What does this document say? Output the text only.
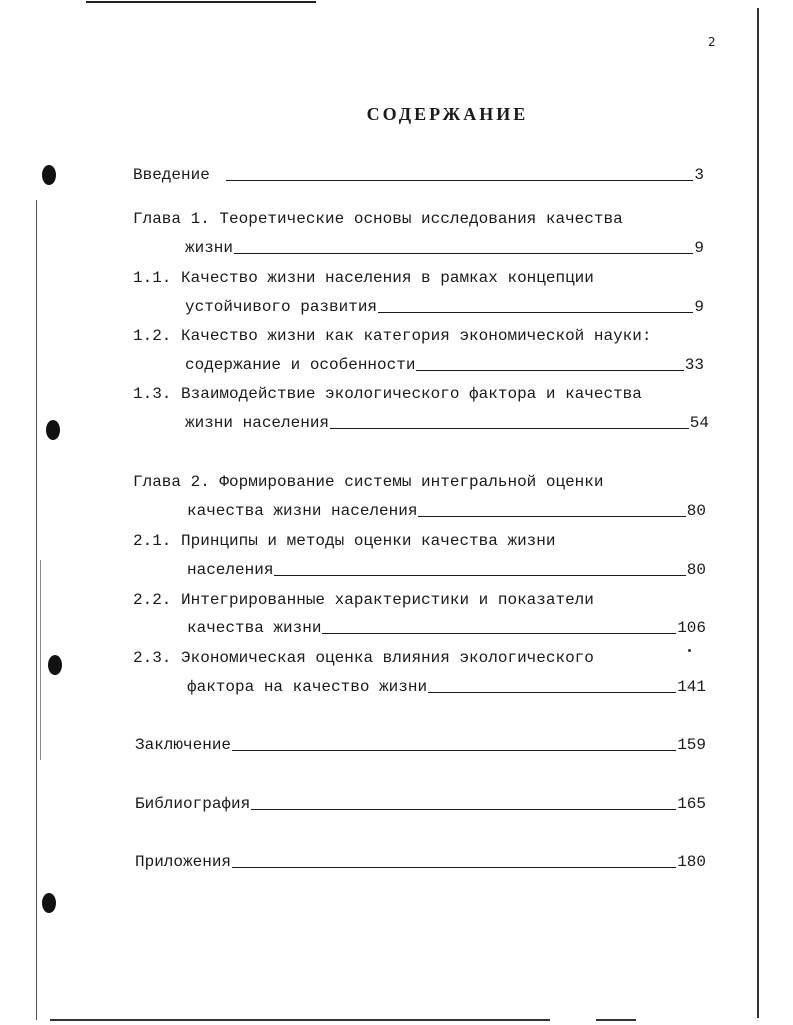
2
СОДЕРЖАНИЕ
Введение	3
Глава 1. Теоретические основы исследования качества
жизни	9
1.1. Качество жизни населения в рамках концепции
устойчивого развития	9
1.2. Качество жизни как категория экономической науки:
содержание и особенности	33
1.3. Взаимодействие экологического фактора и качества
жизни населения	54
Глава 2. Формирование системы интегральной оценки
качества жизни населения	80
2.1. Принципы и методы оценки качества жизни
населения	80
2.2. Интегрированные характеристики и показатели
качества жизни	106
2.3. Экономическая оценка влияния экологического
фактора на качество жизни	141
Заключение	159
Библиография	165
Приложения	180
